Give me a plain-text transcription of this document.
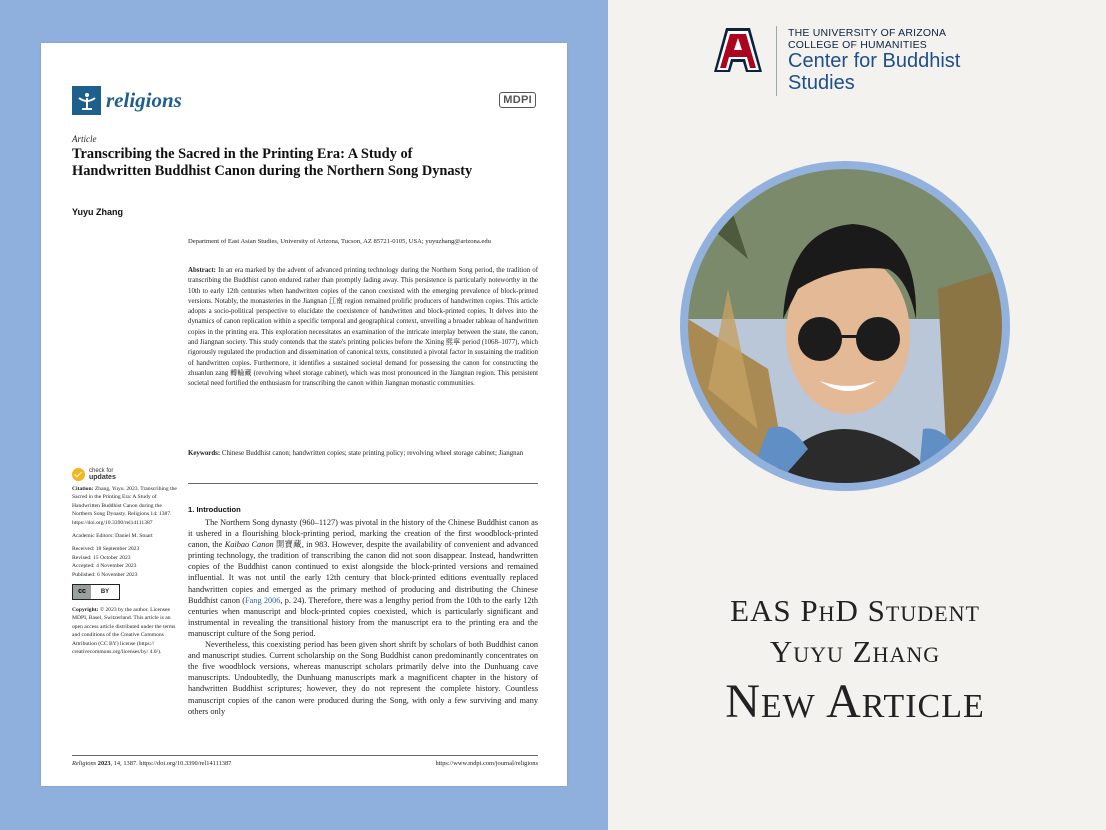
religions	MDPI
Article
Transcribing the Sacred in the Printing Era: A Study of Handwritten Buddhist Canon during the Northern Song Dynasty
Yuyu Zhang
Department of East Asian Studies, University of Arizona, Tucson, AZ 85721-0105, USA; yuyuzhang@arizona.edu
Abstract: In an era marked by the advent of advanced printing technology during the Northern Song period, the tradition of transcribing the Buddhist canon endured rather than promptly fading away. This persistence is particularly noteworthy in the 10th to early 12th centuries when handwritten copies of the canon coexisted with the emerging prevalence of block-printed versions. Notably, the monasteries in the Jiangnan 江南 region remained prolific producers of handwritten copies. This article adopts a socio-political perspective to elucidate the coexistence of handwritten and block-printed copies. It delves into the dynamics of canon replication within a specific temporal and geographical context, unveiling a broader tableau of handwritten copies in the printing era. This exploration necessitates an examination of the intricate interplay between the state, the canon, and Jiangnan society. This study contends that the state's printing policies before the Xining 熙寧 period (1068–1077), which rigorously regulated the production and dissemination of canonical texts, constituted a pivotal factor in sustaining the tradition of handwritten copies. Furthermore, it identifies a sustained societal demand for possessing the canon for constructing the zhuanlun zang 轉輪藏 (revolving wheel storage cabinet), which was most pronounced in the Jiangnan region. This persistent societal need fortified the enthusiasm for transcribing the canon within Jiangnan monastic communities.
Keywords: Chinese Buddhist canon; handwritten copies; state printing policy; revolving wheel storage cabinet; Jiangnan
check for
updates

Citation: Zhang, Yuyu. 2023. Transcribing the Sacred in the Printing Era: A Study of Handwritten Buddhist Canon during the Northern Song Dynasty. Religions 14: 1387. https://doi.org/10.3390/rel14111387

Academic Editors: Daniel M. Stuart

Received: 18 September 2023

Revised: 15 October 2023

Accepted: 4 November 2023

Published: 6 November 2023

cc	BY

Copyright: © 2023 by the author. Licensee MDPI, Basel, Switzerland. This article is an open access article distributed under the terms and conditions of the Creative Commons Attribution (CC BY) license (https:// creativecommons.org/licenses/by/ 4.0/).

1. Introduction

The Northern Song dynasty (960–1127) was pivotal in the history of the Chinese Buddhist canon as it ushered in a flourishing block-printing period, marking the creation of the first woodblock-printed canon, the Kaibao Canon 開寶藏, in 983. However, despite the availability of convenient and advanced printing technology, the tradition of transcribing the canon did not soon disappear. Instead, handwritten copies of the Buddhist canon continued to exist alongside the block-printed versions and remained influential. It was not until the early 12th century that block-printed editions eventually replaced handwritten copies and emerged as the primary method of producing and distributing the Chinese Buddhist canon (Fang 2006, p. 24). Therefore, there was a lengthy period from the 10th to the early 12th centuries when manuscript and block-printed copies coexisted, which is particularly significant and instrumental in revealing the transitional history from the manuscript era to the printing era and the manuscript culture of the Song period.

Nevertheless, this coexisting period has been given short shrift by scholars of both Buddhist canon and manuscript studies. Current scholarship on the Song Buddhist canon predominantly concentrates on the five woodblock versions, whereas manuscript scholars primarily delve into the Dunhuang cave manuscripts. Undoubtedly, the Dunhuang manuscripts mark a magnificent chapter in the history of handwritten Buddhist scriptures; however, they do not represent the complete history. Countless manuscript copies of the canon were produced during the Song, with only a few surviving and many others only

Religions 2023, 14, 1387. https://doi.org/10.3390/rel14111387	https://www.mdpi.com/journal/religions
THE UNIVERSITY OF ARIZONA
COLLEGE OF HUMANITIES
Center for Buddhist
Studies
EAS PhD Student
Yuyu Zhang
New Article
